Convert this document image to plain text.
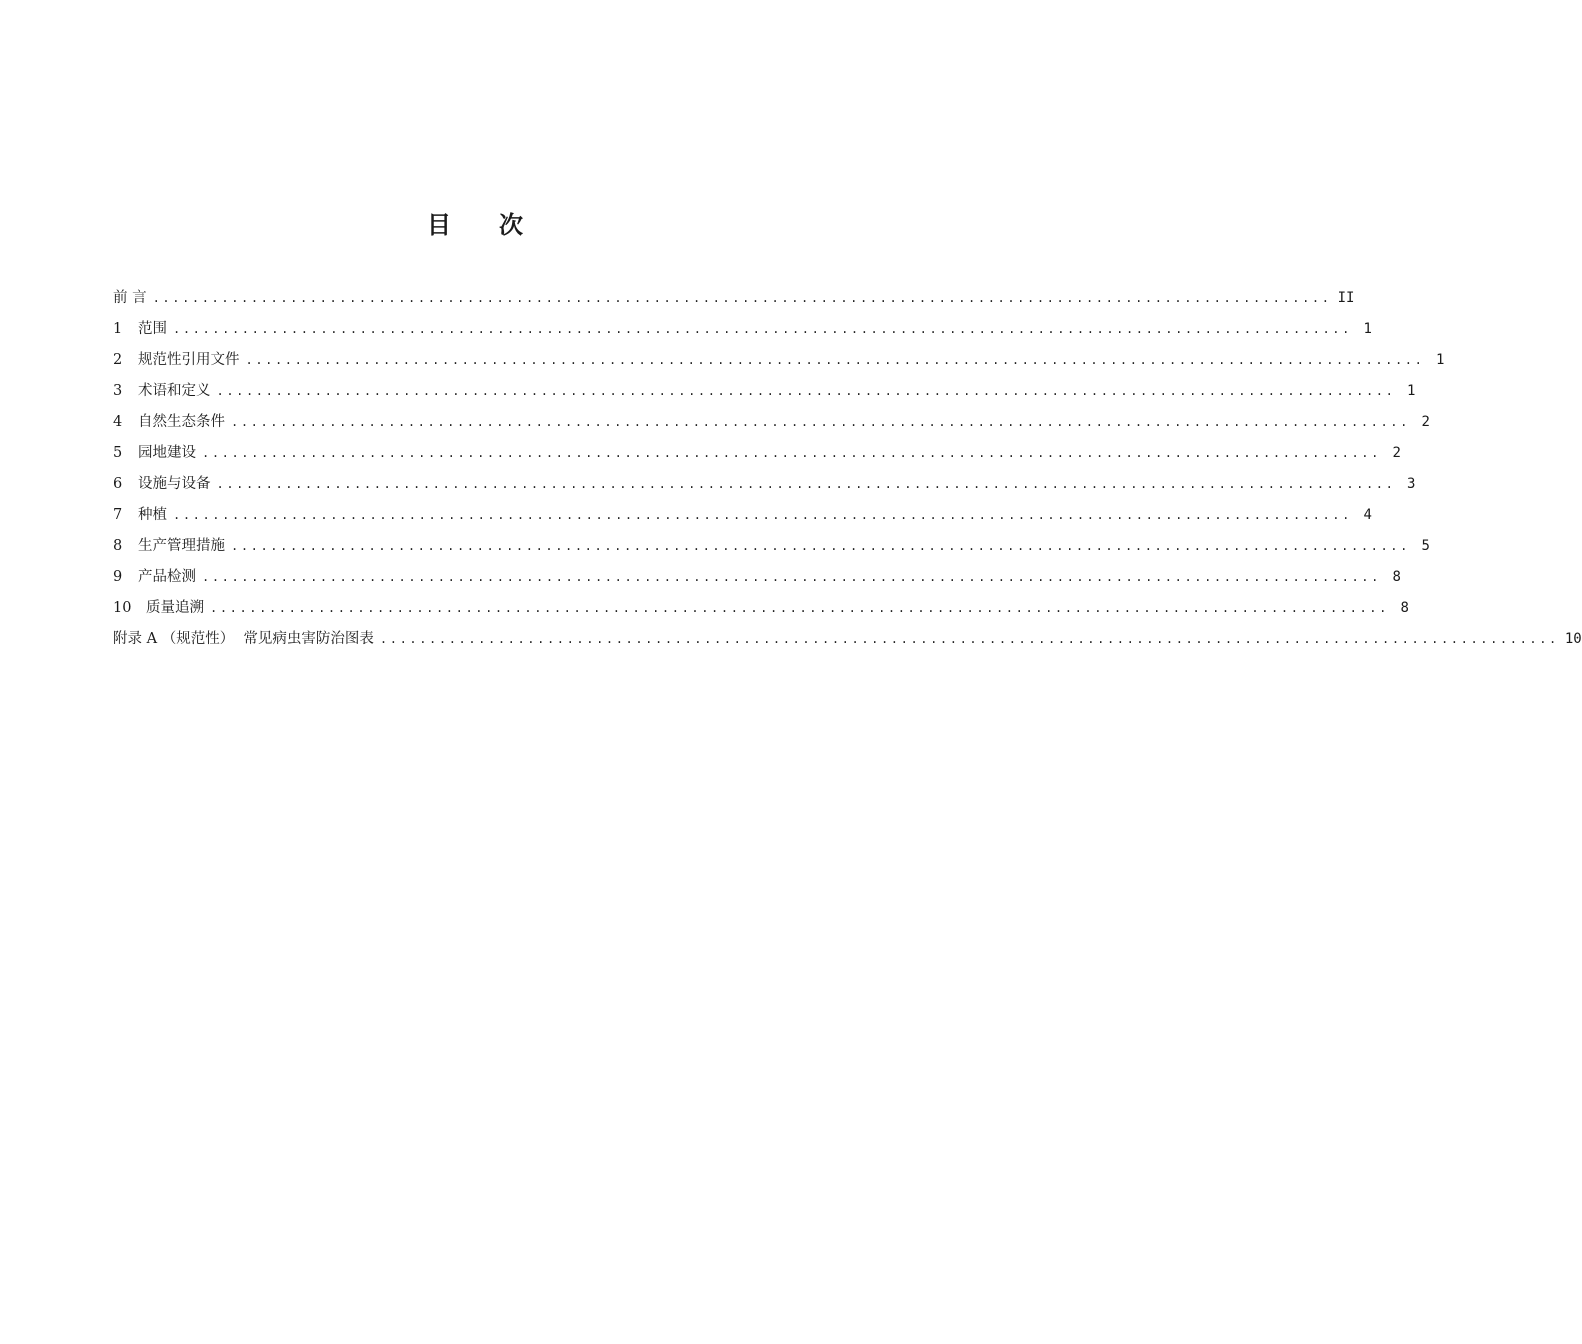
目 次
前 言 ........................................................................................................................ II
1	范围 ........................................................................................................................ 1
2	规范性引用文件 ........................................................................................................................ 1
3	术语和定义 ........................................................................................................................ 1
4	自然生态条件 ........................................................................................................................ 2
5	园地建设 ........................................................................................................................ 2
6	设施与设备 ........................................................................................................................ 3
7	种植 ........................................................................................................................ 4
8	生产管理措施 ........................................................................................................................ 5
9	产品检测 ........................................................................................................................ 8
10	质量追溯 ........................................................................................................................ 8
附录 A （规范性）  常见病虫害防治图表 ........................................................................................................................ 10
